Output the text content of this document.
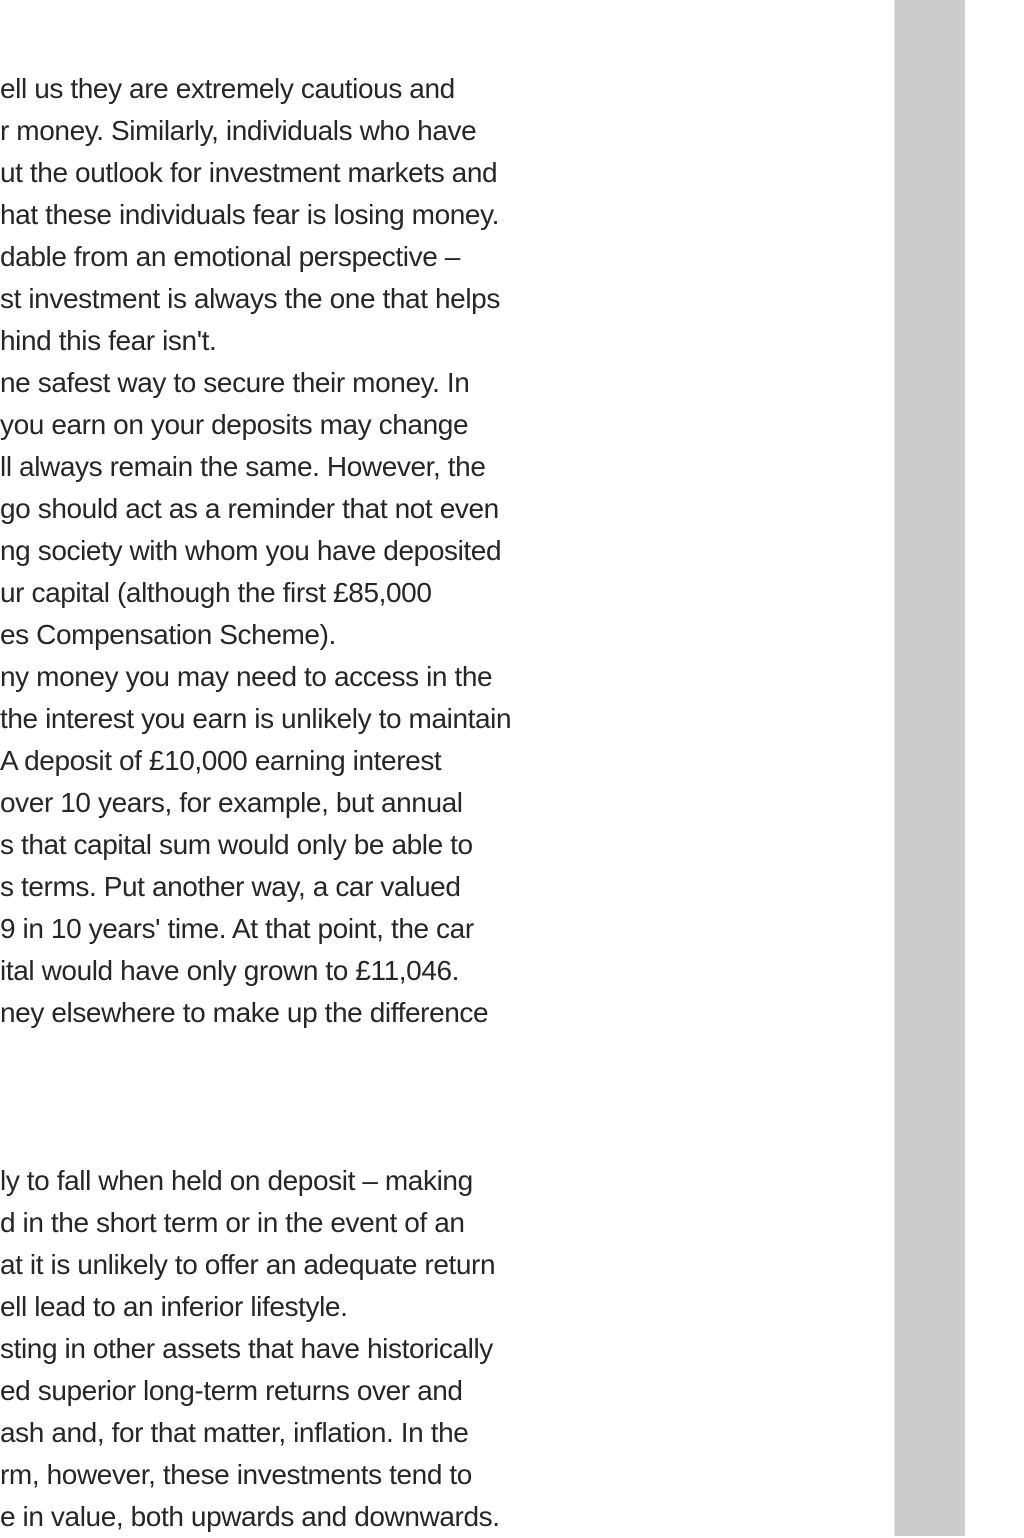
ell us they are extremely cautious and
r money. Similarly, individuals who have
ut the outlook for investment markets and
hat these individuals fear is losing money.
dable from an emotional perspective –
st investment is always the one that helps
hind this fear isn't.
ne safest way to secure their money. In
you earn on your deposits may change
ll always remain the same. However, the
go should act as a reminder that not even
ng society with whom you have deposited
ur capital (although the first £85,000
es Compensation Scheme).
ny money you may need to access in the
the interest you earn is unlikely to maintain
A deposit of £10,000 earning interest
over 10 years, for example, but annual
s that capital sum would only be able to
s terms. Put another way, a car valued
9 in 10 years' time. At that point, the car
ital would have only grown to £11,046.
ney elsewhere to make up the difference
ly to fall when held on deposit – making
d in the short term or in the event of an
at it is unlikely to offer an adequate return
ell lead to an inferior lifestyle.
sting in other assets that have historically
ed superior long-term returns over and
ash and, for that matter, inflation. In the
rm, however, these investments tend to
e in value, both upwards and downwards.
